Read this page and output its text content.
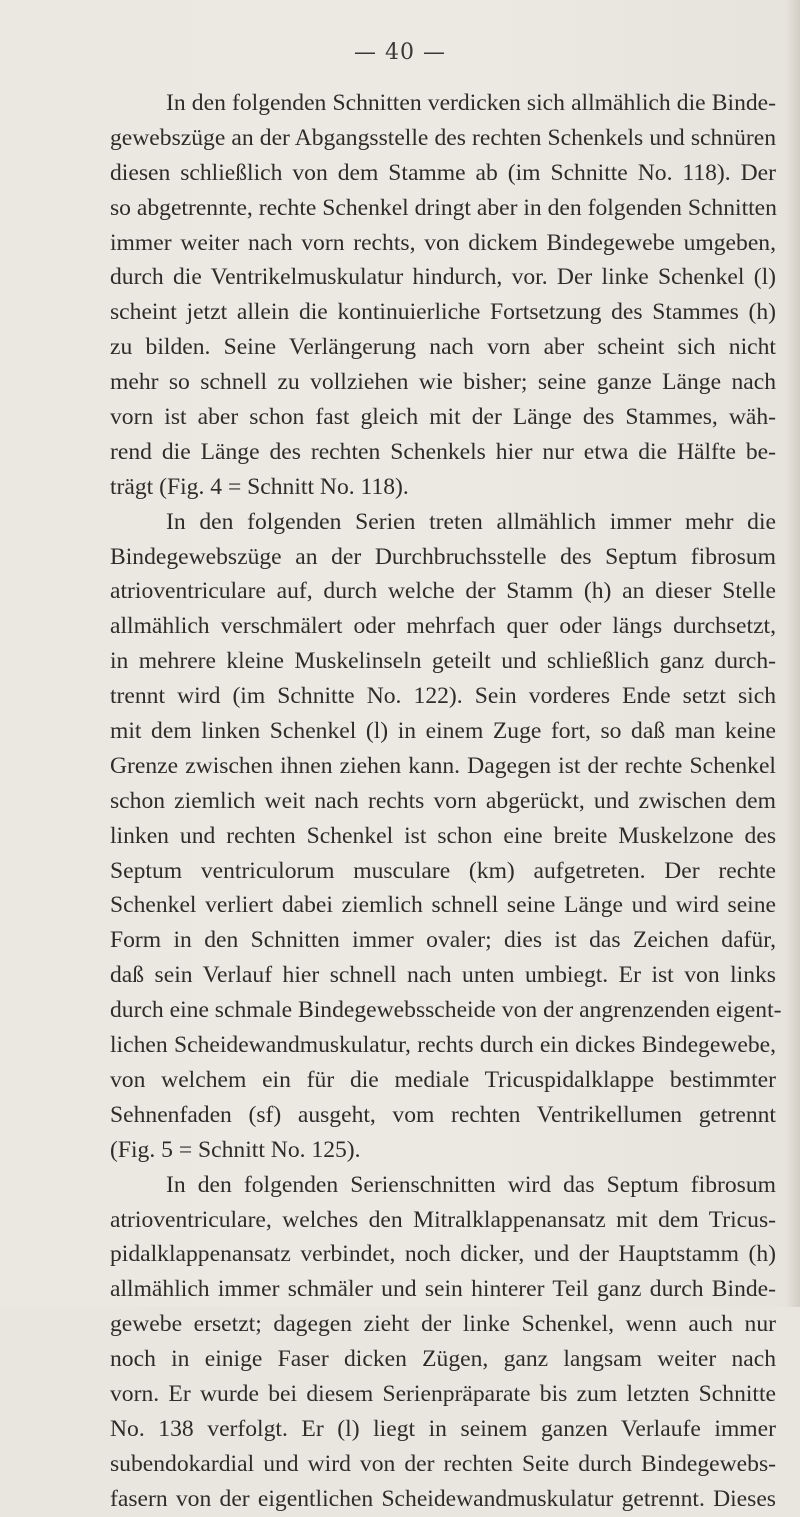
— 40 —
In den folgenden Schnitten verdicken sich allmählich die Binde-
gewebszüge an der Abgangsstelle des rechten Schenkels und schnüren
diesen schließlich von dem Stamme ab (im Schnitte No. 118). Der
so abgetrennte, rechte Schenkel dringt aber in den folgenden Schnitten
immer weiter nach vorn rechts, von dickem Bindegewebe umgeben,
durch die Ventrikelmuskulatur hindurch, vor. Der linke Schenkel (l)
scheint jetzt allein die kontinuierliche Fortsetzung des Stammes (h)
zu bilden. Seine Verlängerung nach vorn aber scheint sich nicht
mehr so schnell zu vollziehen wie bisher; seine ganze Länge nach
vorn ist aber schon fast gleich mit der Länge des Stammes, wäh-
rend die Länge des rechten Schenkels hier nur etwa die Hälfte be-
trägt (Fig. 4 = Schnitt No. 118).
In den folgenden Serien treten allmählich immer mehr die
Bindegewebszüge an der Durchbruchsstelle des Septum fibrosum
atrioventriculare auf, durch welche der Stamm (h) an dieser Stelle
allmählich verschmälert oder mehrfach quer oder längs durchsetzt,
in mehrere kleine Muskelinseln geteilt und schließlich ganz durch-
trennt wird (im Schnitte No. 122). Sein vorderes Ende setzt sich
mit dem linken Schenkel (l) in einem Zuge fort, so daß man keine
Grenze zwischen ihnen ziehen kann. Dagegen ist der rechte Schenkel
schon ziemlich weit nach rechts vorn abgerückt, und zwischen dem
linken und rechten Schenkel ist schon eine breite Muskelzone des
Septum ventriculorum musculare (km) aufgetreten. Der rechte
Schenkel verliert dabei ziemlich schnell seine Länge und wird seine
Form in den Schnitten immer ovaler; dies ist das Zeichen dafür,
daß sein Verlauf hier schnell nach unten umbiegt. Er ist von links
durch eine schmale Bindegewebsscheide von der angrenzenden eigent-
lichen Scheidewandmuskulatur, rechts durch ein dickes Bindegewebe,
von welchem ein für die mediale Tricuspidalklappe bestimmter
Sehnenfaden (sf) ausgeht, vom rechten Ventrikellumen getrennt
(Fig. 5 = Schnitt No. 125).
In den folgenden Serienschnitten wird das Septum fibrosum
atrioventriculare, welches den Mitralklappenansatz mit dem Tricus-
pidalklappenansatz verbindet, noch dicker, und der Hauptstamm (h)
allmählich immer schmäler und sein hinterer Teil ganz durch Binde-
gewebe ersetzt; dagegen zieht der linke Schenkel, wenn auch nur
noch in einige Faser dicken Zügen, ganz langsam weiter nach
vorn. Er wurde bei diesem Serienpräparate bis zum letzten Schnitte
No. 138 verfolgt. Er (l) liegt in seinem ganzen Verlaufe immer
subendokardial und wird von der rechten Seite durch Bindegewebs-
fasern von der eigentlichen Scheidewandmuskulatur getrennt. Dieses
